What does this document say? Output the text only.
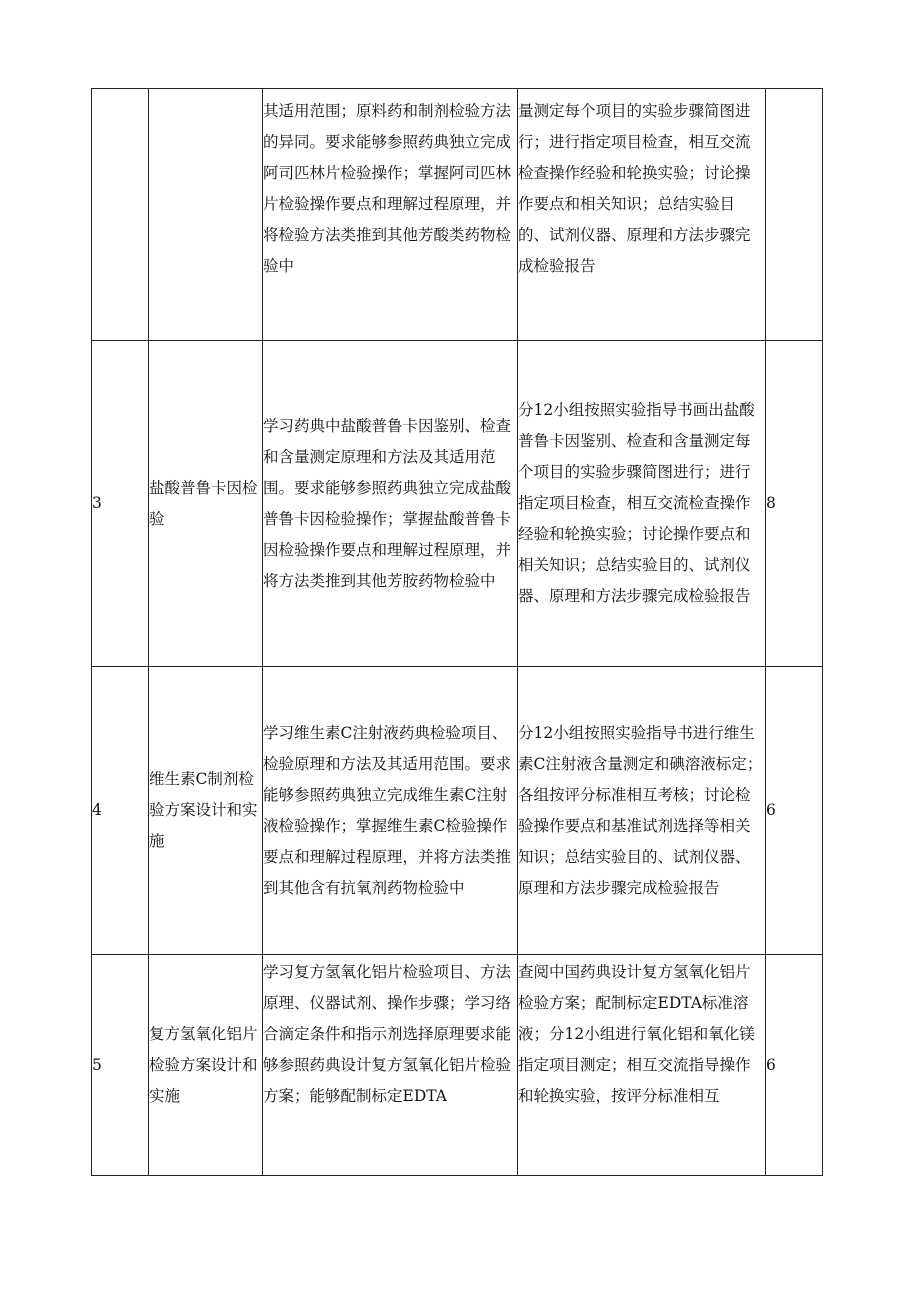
		其适用范围；原料药和制剂检验方法的异同。要求能够参照药典独立完成阿司匹林片检验操作；掌握阿司匹林片检验操作要点和理解过程原理，并将检验方法类推到其他芳酸类药物检验中	量测定每个项目的实验步骤简图进行；进行指定项目检查，相互交流检查操作经验和轮换实验；讨论操作要点和相关知识；总结实验目的、试剂仪器、原理和方法步骤完成检验报告	

3	盐酸普鲁卡因检验	学习药典中盐酸普鲁卡因鉴别、检查和含量测定原理和方法及其适用范围。要求能够参照药典独立完成盐酸普鲁卡因检验操作；掌握盐酸普鲁卡因检验操作要点和理解过程原理，并将方法类推到其他芳胺药物检验中	分12小组按照实验指导书画出盐酸普鲁卡因鉴别、检查和含量测定每个项目的实验步骤简图进行；进行指定项目检查，相互交流检查操作经验和轮换实验；讨论操作要点和相关知识；总结实验目的、试剂仪器、原理和方法步骤完成检验报告	8

4	维生素C制剂检验方案设计和实施	学习维生素C注射液药典检验项目、检验原理和方法及其适用范围。要求能够参照药典独立完成维生素C注射液检验操作；掌握维生素C检验操作要点和理解过程原理，并将方法类推到其他含有抗氧剂药物检验中	分12小组按照实验指导书进行维生素C注射液含量测定和碘溶液标定；各组按评分标准相互考核；讨论检验操作要点和基准试剂选择等相关知识；总结实验目的、试剂仪器、原理和方法步骤完成检验报告	6

5	复方氢氧化铝片检验方案设计和实施	学习复方氢氧化铝片检验项目、方法原理、仪器试剂、操作步骤；学习络合滴定条件和指示剂选择原理要求能够参照药典设计复方氢氧化铝片检验方案；能够配制标定EDTA	查阅中国药典设计复方氢氧化铝片检验方案；配制标定EDTA标准溶液；分12小组进行氧化铝和氧化镁指定项目测定；相互交流指导操作和轮换实验，按评分标准相互	6
